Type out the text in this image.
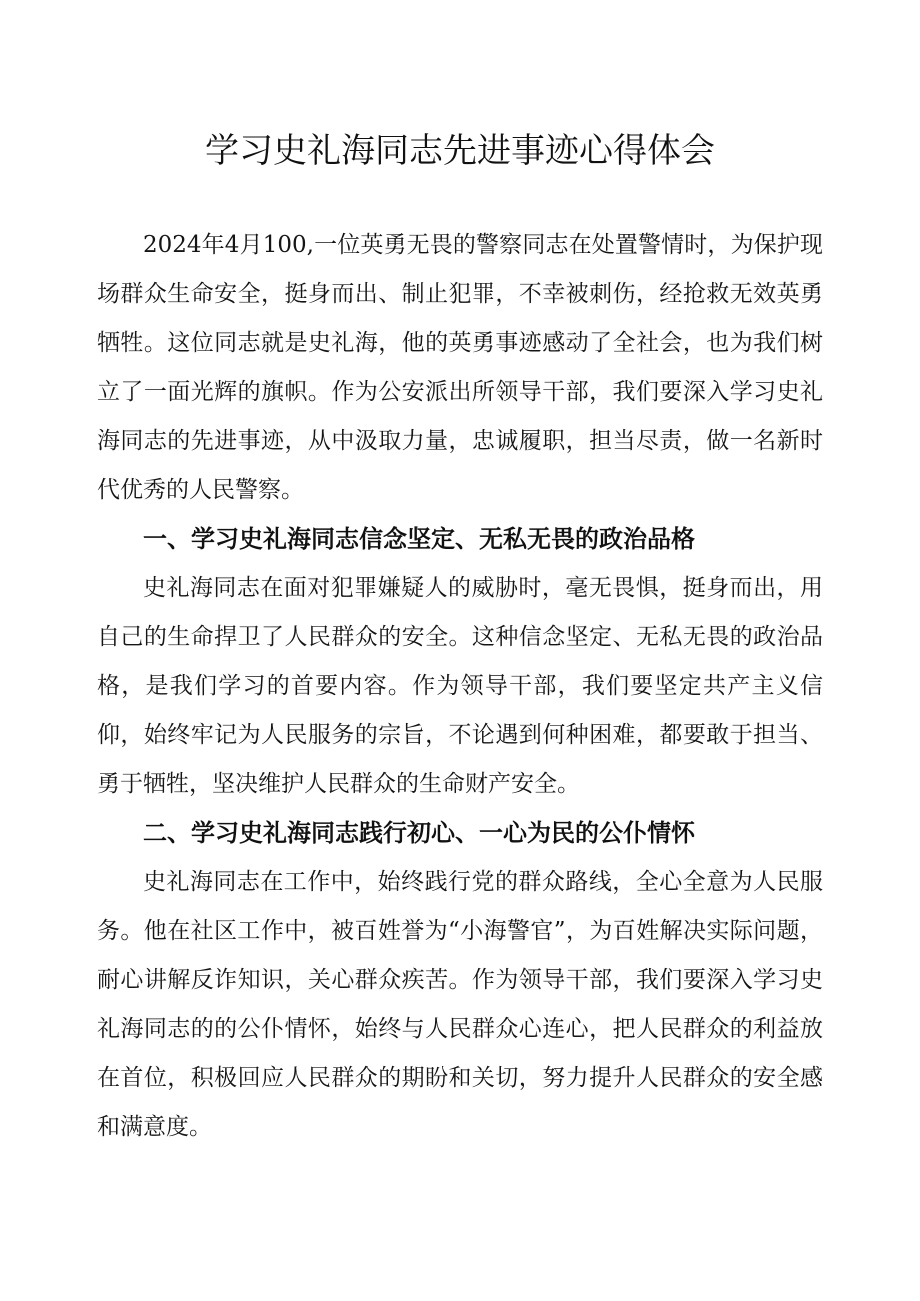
学习史礼海同志先进事迹心得体会

2024年4月100,一位英勇无畏的警察同志在处置警情时，为保护现场群众生命安全，挺身而出、制止犯罪，不幸被刺伤，经抢救无效英勇牺牲。这位同志就是史礼海，他的英勇事迹感动了全社会，也为我们树立了一面光辉的旗帜。作为公安派出所领导干部，我们要深入学习史礼海同志的先进事迹，从中汲取力量，忠诚履职，担当尽责，做一名新时代优秀的人民警察。

一、学习史礼海同志信念坚定、无私无畏的政治品格

史礼海同志在面对犯罪嫌疑人的威胁时，毫无畏惧，挺身而出，用自己的生命捍卫了人民群众的安全。这种信念坚定、无私无畏的政治品格，是我们学习的首要内容。作为领导干部，我们要坚定共产主义信仰，始终牢记为人民服务的宗旨，不论遇到何种困难，都要敢于担当、勇于牺牲，坚决维护人民群众的生命财产安全。

二、学习史礼海同志践行初心、一心为民的公仆情怀

史礼海同志在工作中，始终践行党的群众路线，全心全意为人民服务。他在社区工作中，被百姓誉为“小海警官”，为百姓解决实际问题，耐心讲解反诈知识，关心群众疾苦。作为领导干部，我们要深入学习史礼海同志的的公仆情怀，始终与人民群众心连心，把人民群众的利益放在首位，积极回应人民群众的期盼和关切，努力提升人民群众的安全感和满意度。
